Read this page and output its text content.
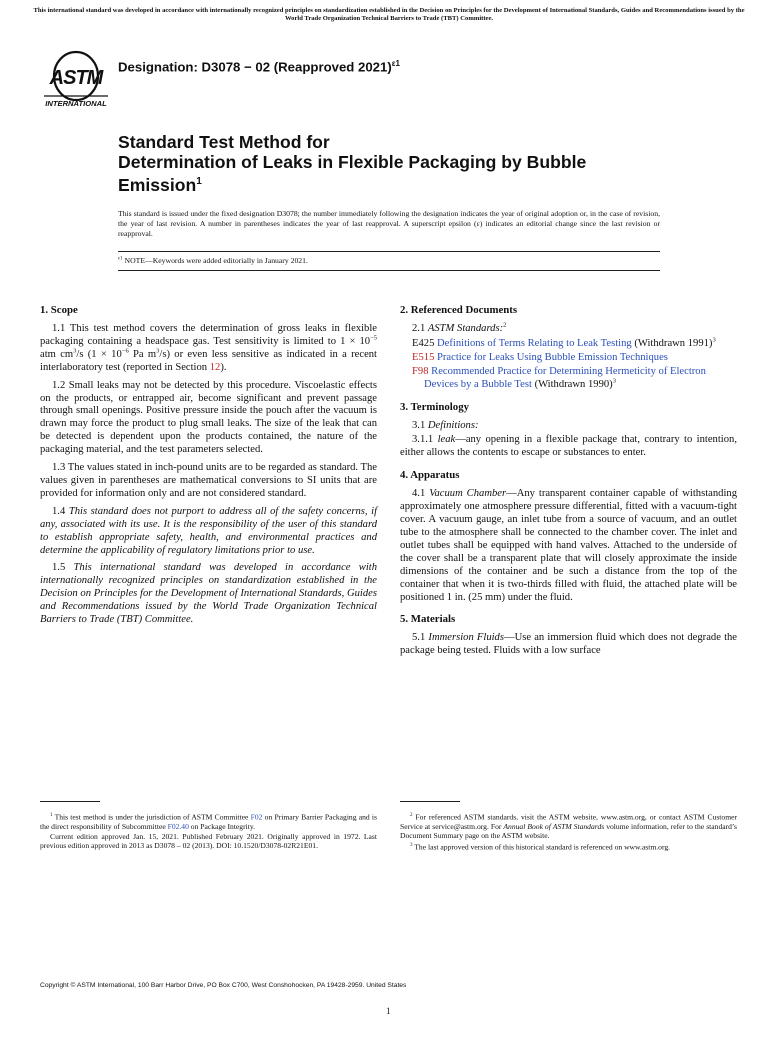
This international standard was developed in accordance with internationally recognized principles on standardization established in the Decision on Principles for the Development of International Standards, Guides and Recommendations issued by the World Trade Organization Technical Barriers to Trade (TBT) Committee.
ASTM
INTERNATIONAL
Designation: D3078 − 02 (Reapproved 2021)$^{\varepsilon 1}$
Standard Test Method for
Determination of Leaks in Flexible Packaging by Bubble
Emission$^1$
This standard is issued under the fixed designation D3078; the number immediately following the designation indicates the year of original adoption or, in the case of revision, the year of last revision. A number in parentheses indicates the year of last reapproval. A superscript epsilon (ε) indicates an editorial change since the last revision or reapproval.
$^{\varepsilon 1}$ NOTE—Keywords were added editorially in January 2021.
1. Scope

1.1 This test method covers the determination of gross leaks in flexible packaging containing a headspace gas. Test sensitivity is limited to $1 \times 10^{-5}$ atm $cm^3/s$ ($1 \times 10^{-6}$ Pa $m^3/s$) or even less sensitive as indicated in a recent interlaboratory test (reported in Section 12).

1.2 Small leaks may not be detected by this procedure. Viscoelastic effects on the products, or entrapped air, become significant and prevent passage through small openings. Positive pressure inside the pouch after the vacuum is drawn may force the product to plug small leaks. The size of the leak that can be detected is dependent upon the products contained, the nature of the packaging material, and the test parameters selected.

1.3 The values stated in inch-pound units are to be regarded as standard. The values given in parentheses are mathematical conversions to SI units that are provided for information only and are not considered standard.

1.4 This standard does not purport to address all of the safety concerns, if any, associated with its use. It is the responsibility of the user of this standard to establish appropriate safety, health, and environmental practices and determine the applicability of regulatory limitations prior to use.

1.5 This international standard was developed in accordance with internationally recognized principles on standardization established in the Decision on Principles for the Development of International Standards, Guides and Recommendations issued by the World Trade Organization Technical Barriers to Trade (TBT) Committee.

2. Referenced Documents

2.1 ASTM Standards:$^2$

E425 Definitions of Terms Relating to Leak Testing (Withdrawn 1991)$^3$
E515 Practice for Leaks Using Bubble Emission Techniques
F98 Recommended Practice for Determining Hermeticity of Electron Devices by a Bubble Test (Withdrawn 1990)$^3$
3. Terminology

3.1 Definitions:

3.1.1 leak—any opening in a flexible package that, contrary to intention, either allows the contents to escape or substances to enter.

4. Apparatus

4.1 Vacuum Chamber—Any transparent container capable of withstanding approximately one atmosphere pressure differential, fitted with a vacuum-tight cover. A vacuum gauge, an inlet tube from a source of vacuum, and an outlet tube to the atmosphere shall be connected to the chamber cover. The inlet and outlet tubes shall be equipped with hand valves. Attached to the underside of the cover shall be a transparent plate that will closely approximate the inside dimensions of the container and be such a distance from the top of the container that when it is two-thirds filled with fluid, the attached plate will be positioned 1 in. (25 mm) under the fluid.

5. Materials

5.1 Immersion Fluids—Use an immersion fluid which does not degrade the package being tested. Fluids with a low surface

$^1$ This test method is under the jurisdiction of ASTM Committee F02 on Primary Barrier Packaging and is the direct responsibility of Subcommittee F02.40 on Package Integrity.

Current edition approved Jan. 15, 2021. Published February 2021. Originally approved in 1972. Last previous edition approved in 2013 as D3078 – 02 (2013). DOI: 10.1520/D3078-02R21E01.

$^2$ For referenced ASTM standards, visit the ASTM website, www.astm.org, or contact ASTM Customer Service at service@astm.org. For Annual Book of ASTM Standards volume information, refer to the standard’s Document Summary page on the ASTM website.

$^3$ The last approved version of this historical standard is referenced on www.astm.org.

Copyright © ASTM International, 100 Barr Harbor Drive, PO Box C700, West Conshohocken, PA 19428-2959. United States
1
